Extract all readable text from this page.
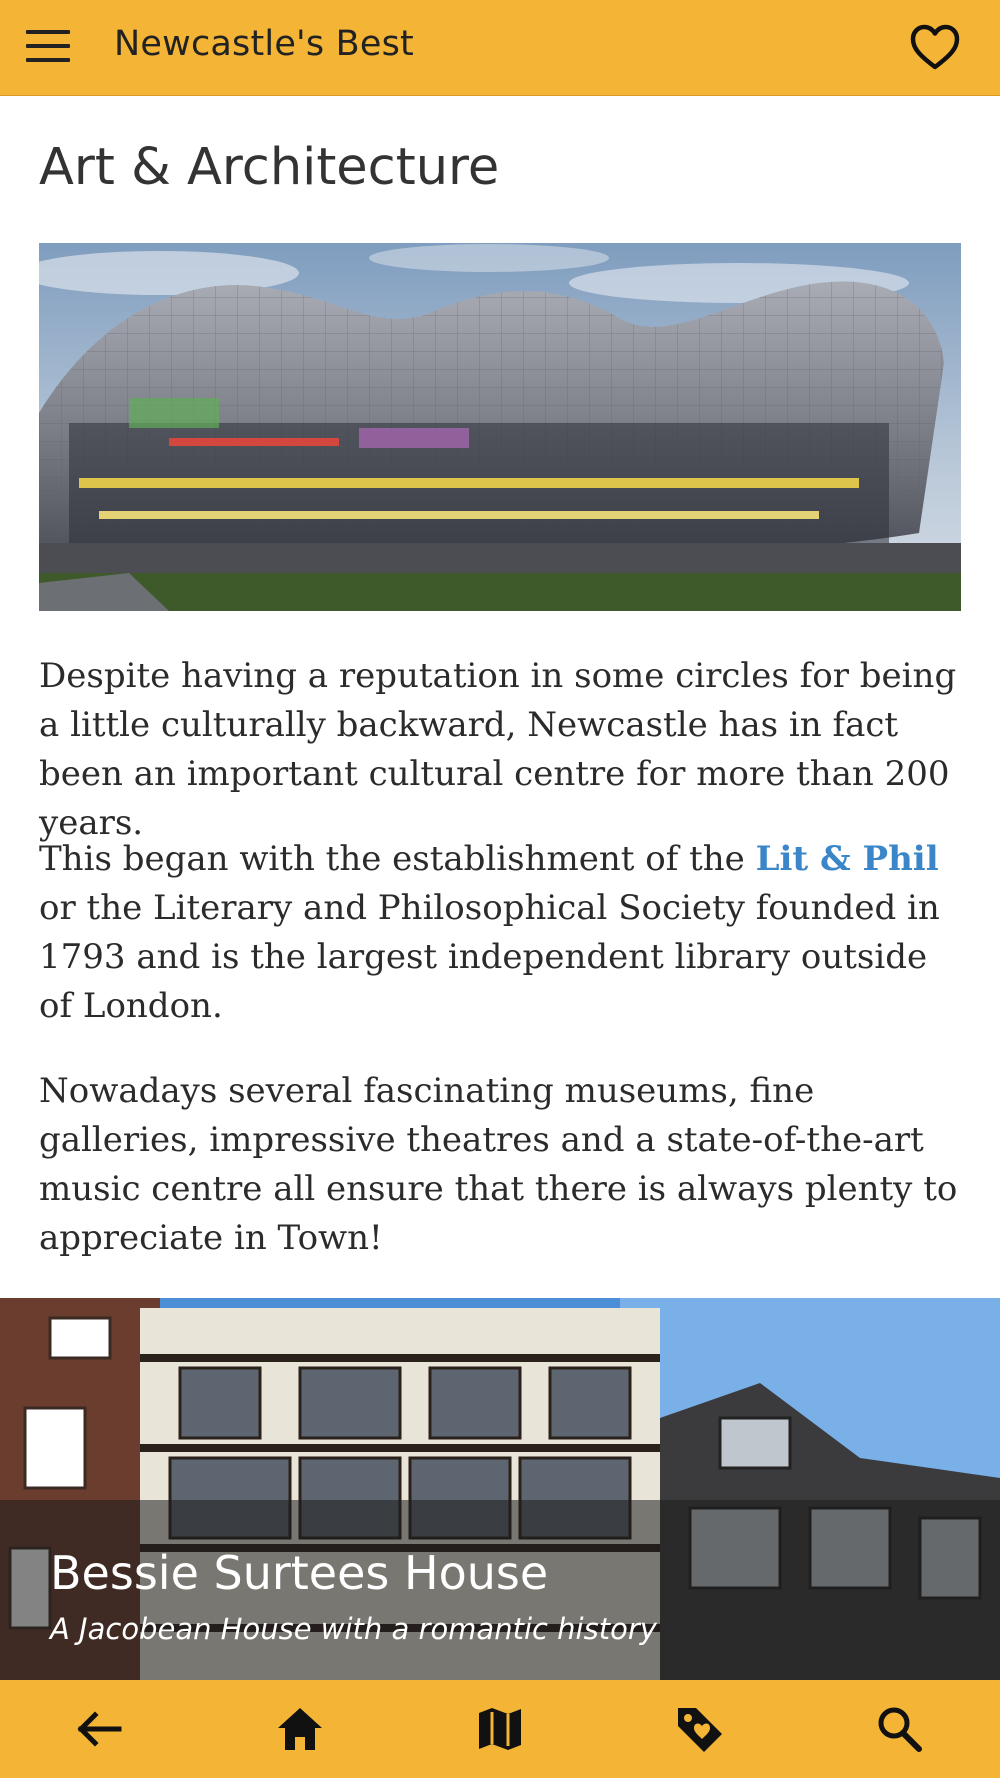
Newcastle's Best
Art & Architecture

Despite having a reputation in some circles for being a little culturally backward, Newcastle has in fact been an important cultural centre for more than 200 years.

This began with the establishment of the Lit & Phil or the Literary and Philosophical Society founded in 1793 and is the largest independent library outside of London.

Nowadays several fascinating museums, fine galleries, impressive theatres and a state-of-the-art music centre all ensure that there is always plenty to appreciate in Town!

Bessie Surtees House
A Jacobean House with a romantic history
